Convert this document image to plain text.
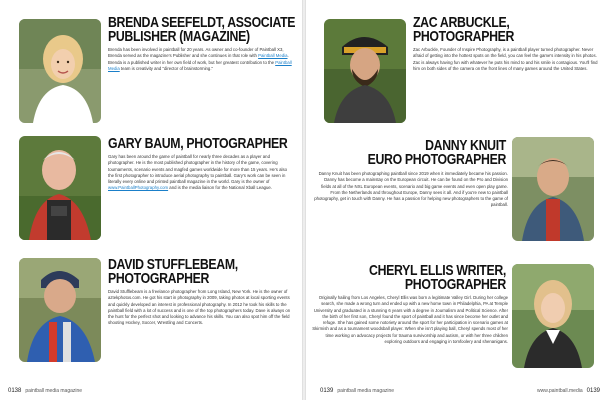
BRENDA SEEFELDT, ASSOCIATE
PUBLISHER (MAGAZINE)
Brenda has been involved in paintball for 20 years. As owner and co-founder of Paintball X3, Brenda served as the magazine's Publisher and she continues in that role with Paintball Media. Brenda is a published writer in her own field of work, but her greatest contribution to the Paintball Media team is creativity and "director of brainstorming."
GARY BAUM, PHOTOGRAPHER
Gary has been around the game of paintball for nearly three decades as a player and photographer. He is the most published photographer in the history of the game, covering tournaments, scenario events and magfed games worldwide for more than 15 years. He's also the first photographer to introduce aerial photography to paintball. Gary's work can be seen in literally every online and printed paintball magazine in the world. Gary is the owner of www.PaintballPhotography.com and is the media liaison for the National Xball League.
DAVID STUFFLEBEAM,
PHOTOGRAPHER
David Stufflebeam is a freelance photographer from Long Island, New York. He is the owner of aztekphotos.com. He got his start in photography in 2009, taking photos at local sporting events and quickly developed an interest in professional photography. In 2012 he took his skills to the paintball field with a lot of success and is one of the top photographers today. Dave is always on the hunt for the perfect shot and looking to advance his skills. You can also spot him off the field shooting Hockey, Soccer, Wrestling and Concerts.
0138 paintball media magazine
ZAC ARBUCKLE,
PHOTOGRAPHER
Zac Arbuckle, Founder of Inspire Photography, is a paintball player turned photographer. Never afraid of getting into the hottest spots on the field, you can feel the game's intensity in his photos. Zac is always having fun with whatever he puts his mind to and his smile is contagious. You'll find him on both sides of the camera on the front lines of many games around the United States.
DANNY KNUIT
EURO PHOTOGRAPHER
Danny Knuit has been photographing paintball since 2019 when it immediately became his passion. Danny has become a mainstay on the European circuit. He can be found on the Pro and Division fields at all of the NXL European events, scenario and big game events and even open play game. From the Netherlands and throughout Europe, Danny sees it all. And if you're new to paintball photography, get in touch with Danny. He has a passion for helping new photographers to the game of paintball.
CHERYL ELLIS WRITER,
PHOTOGRAPHER
Originally hailing from Los Angeles, Cheryl Ellis was born a legitimate Valley Girl. During her college search, she made a wrong turn and ended up with a new home town in Philadelphia, PA at Temple University and graduated in a stunning 6 years with a degree in Journalism and Political Science. After the birth of her first son, Cheryl found the sport of paintball and it has since become her outlet and refuge. She has gained some notoriety around the sport for her participation in scenario games at Skirmish and as a tournament woodsball player. When she isn't playing ball, Cheryl spends most of her time working on advocacy projects for trauma survivorship and autism, or with her three children exploring outdoors and engaging in tomfoolery and shenanigans.
0139 paintball media magazine	www.paintball.media 0139
